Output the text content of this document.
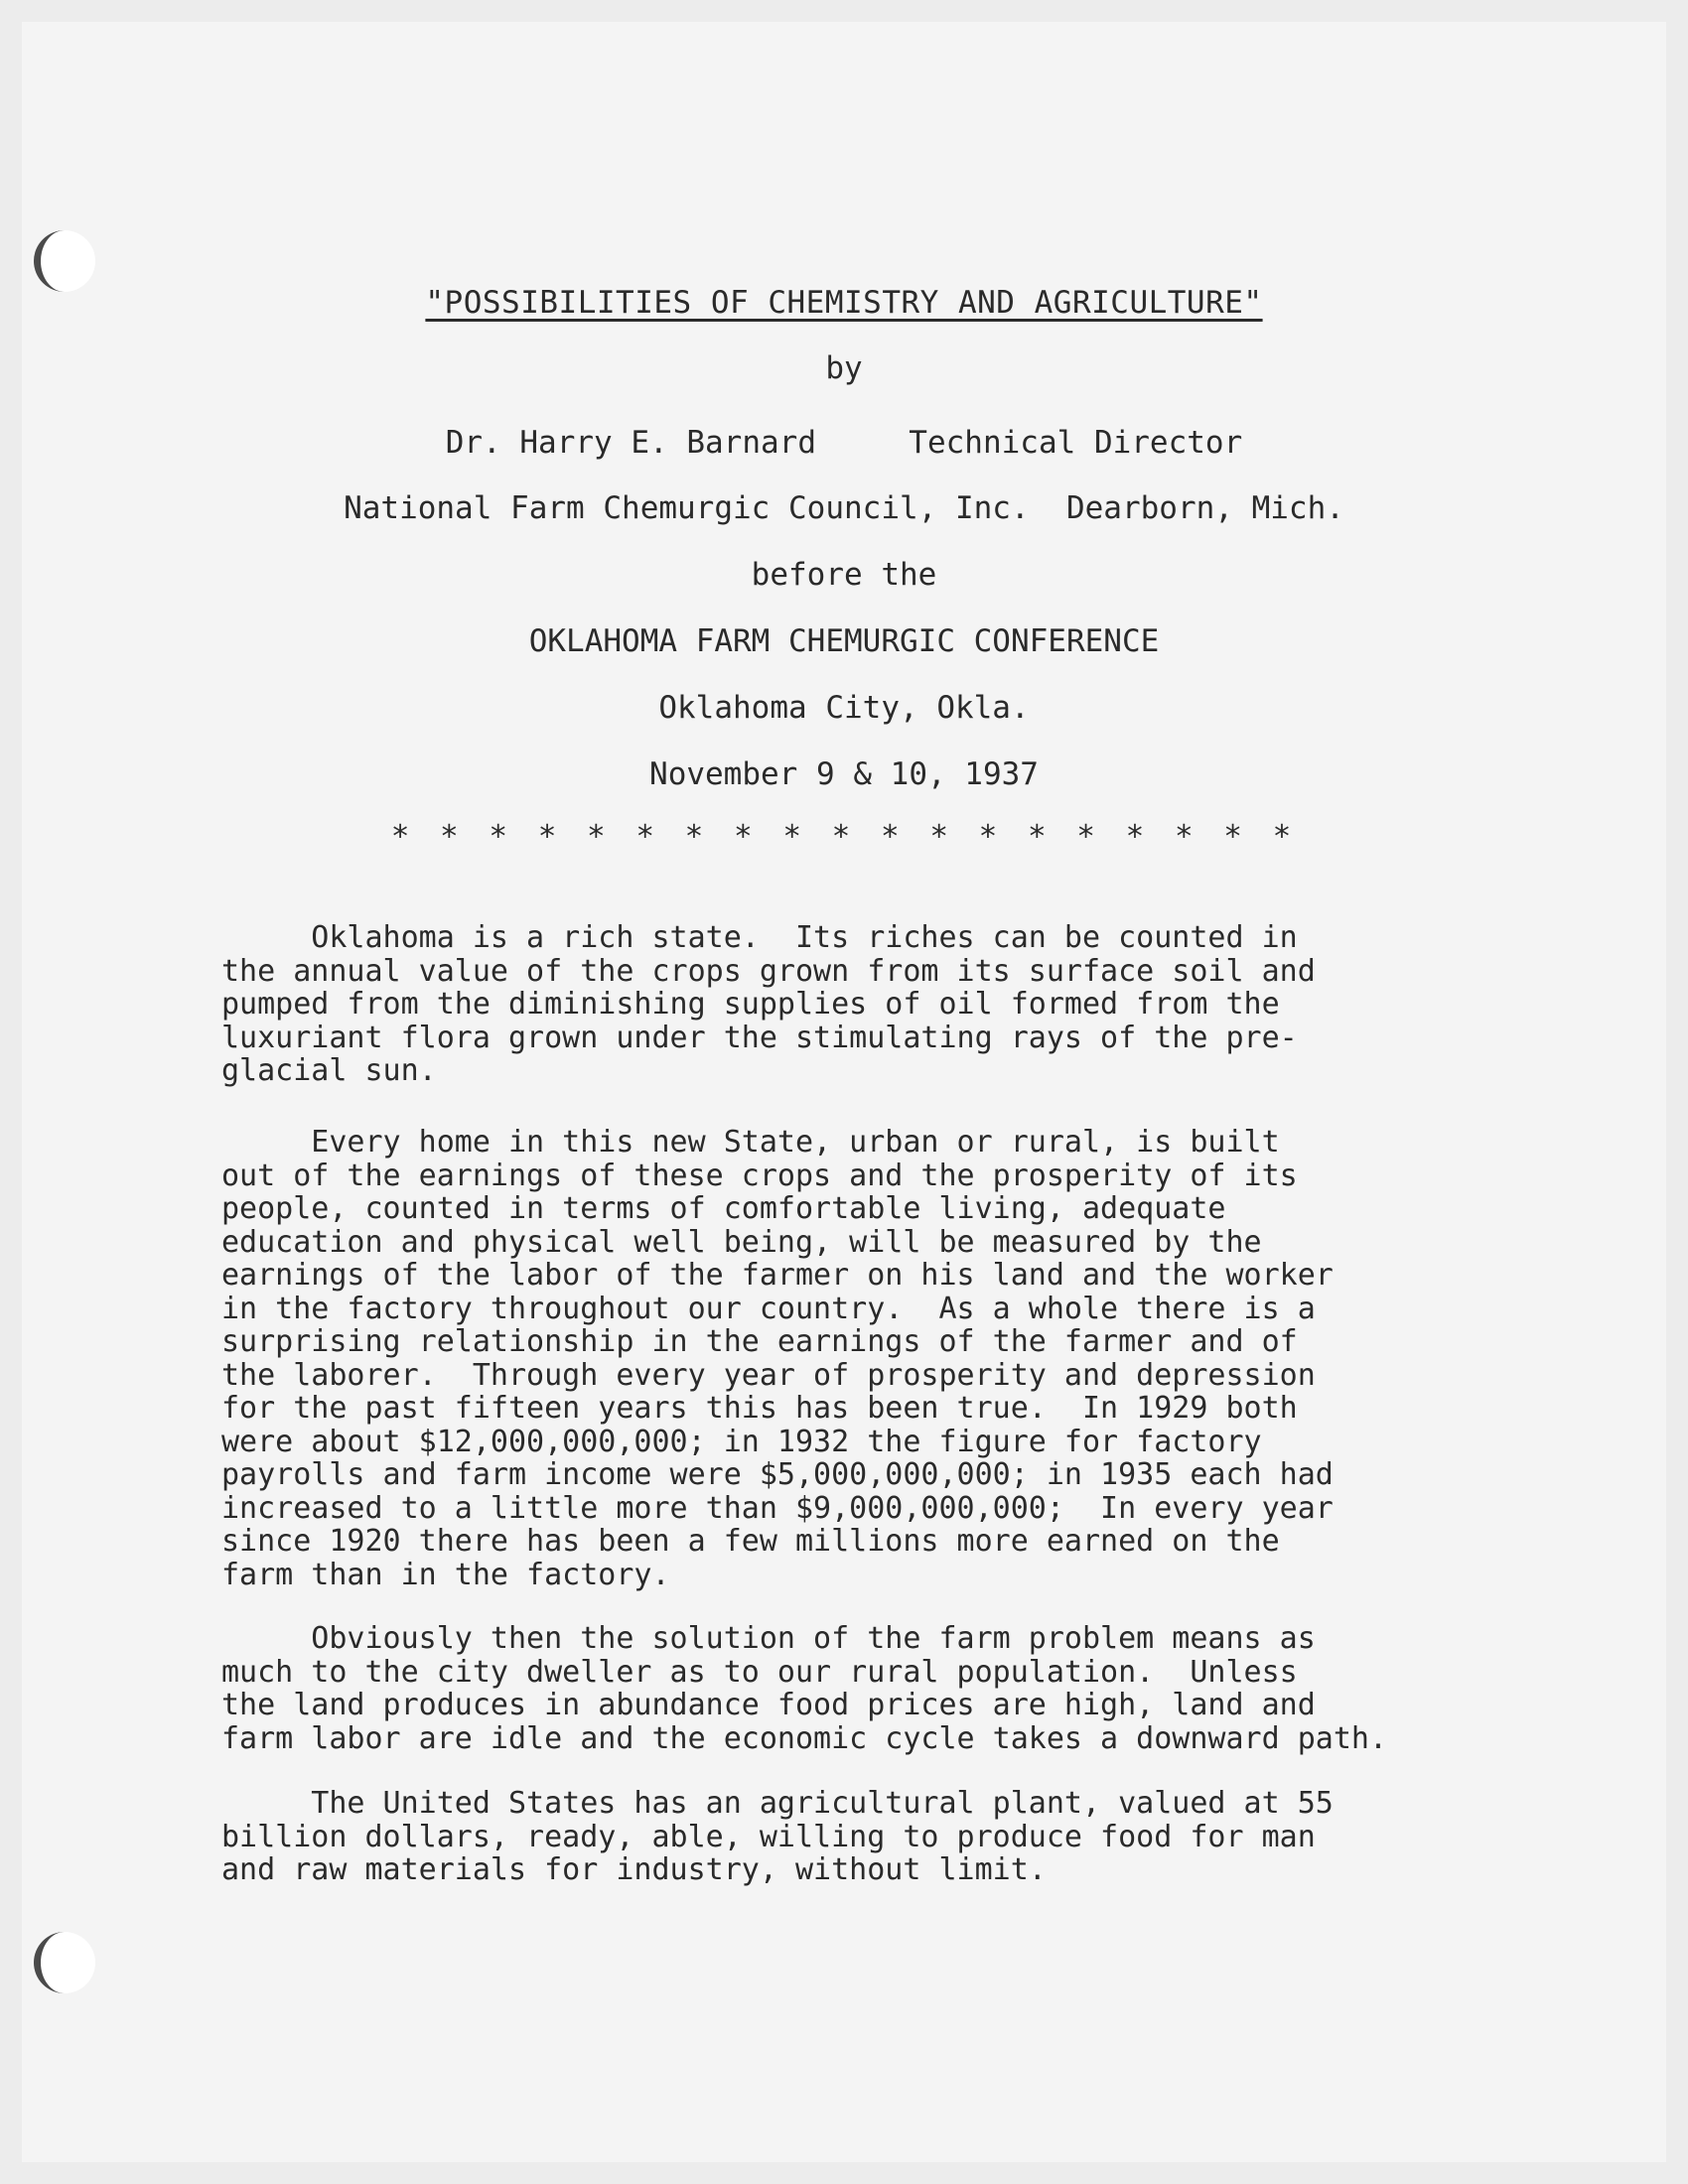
"POSSIBILITIES OF CHEMISTRY AND AGRICULTURE"
by
Dr. Harry E. Barnard     Technical Director
National Farm Chemurgic Council, Inc.  Dearborn, Mich.
before the
OKLAHOMA FARM CHEMURGIC CONFERENCE
Oklahoma City, Okla.
November 9 & 10, 1937
* * * * * * * * * * * * * * * * * * *
Oklahoma is a rich state.  Its riches can be counted in
the annual value of the crops grown from its surface soil and
pumped from the diminishing supplies of oil formed from the
luxuriant flora grown under the stimulating rays of the pre-
glacial sun.
Every home in this new State, urban or rural, is built
out of the earnings of these crops and the prosperity of its
people, counted in terms of comfortable living, adequate
education and physical well being, will be measured by the
earnings of the labor of the farmer on his land and the worker
in the factory throughout our country.  As a whole there is a
surprising relationship in the earnings of the farmer and of
the laborer.  Through every year of prosperity and depression
for the past fifteen years this has been true.  In 1929 both
were about $12,000,000,000; in 1932 the figure for factory
payrolls and farm income were $5,000,000,000; in 1935 each had
increased to a little more than $9,000,000,000;  In every year
since 1920 there has been a few millions more earned on the
farm than in the factory.
Obviously then the solution of the farm problem means as
much to the city dweller as to our rural population.  Unless
the land produces in abundance food prices are high, land and
farm labor are idle and the economic cycle takes a downward path.
The United States has an agricultural plant, valued at 55
billion dollars, ready, able, willing to produce food for man
and raw materials for industry, without limit.
